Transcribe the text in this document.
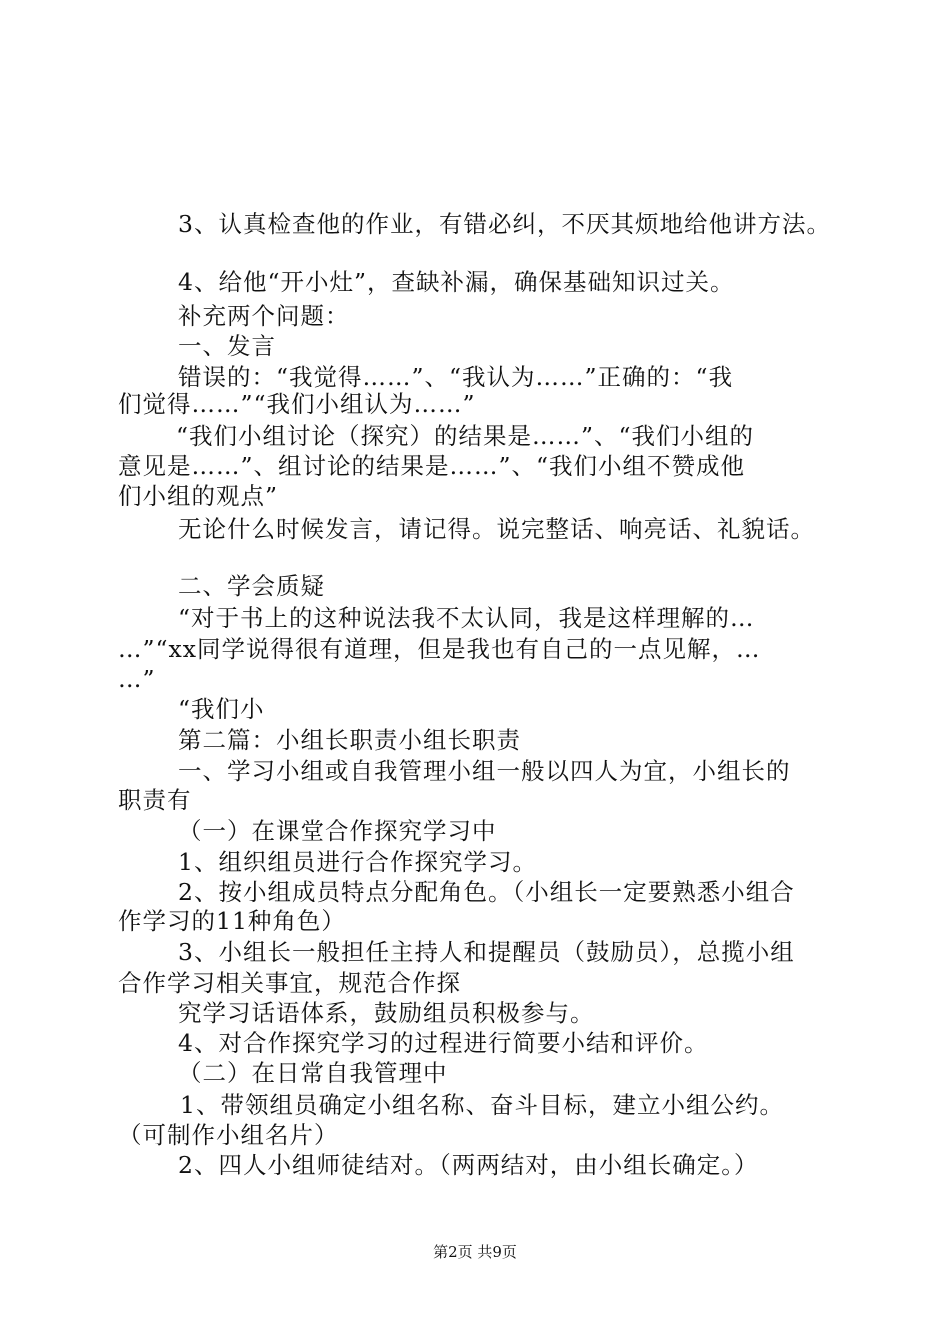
3、认真检查他的作业，有错必纠，不厌其烦地给他讲方法。
4、给他“开小灶”，查缺补漏，确保基础知识过关。
补充两个问题：
一、发言
错误的：“我觉得……”、“我认为……”正确的：“我
们觉得……”“我们小组认为……”
“我们小组讨论（探究）的结果是……”、“我们小组的
意见是……”、组讨论的结果是……”、“我们小组不赞成他
们小组的观点”
无论什么时候发言，请记得。说完整话、响亮话、礼貌话。
二、学会质疑
“对于书上的这种说法我不太认同，我是这样理解的…
…”“xx同学说得很有道理，但是我也有自己的一点见解，…
…”
“我们小
第二篇：小组长职责小组长职责
一、学习小组或自我管理小组一般以四人为宜，小组长的
职责有
（一）在课堂合作探究学习中
1、组织组员进行合作探究学习。
2、按小组成员特点分配角色。（小组长一定要熟悉小组合
作学习的11种角色）
3、小组长一般担任主持人和提醒员（鼓励员），总揽小组
合作学习相关事宜，规范合作探
究学习话语体系，鼓励组员积极参与。
4、对合作探究学习的过程进行简要小结和评价。
（二）在日常自我管理中
1、带领组员确定小组名称、奋斗目标，建立小组公约。
（可制作小组名片）
2、四人小组师徒结对。（两两结对，由小组长确定。）
第2页 共9页
